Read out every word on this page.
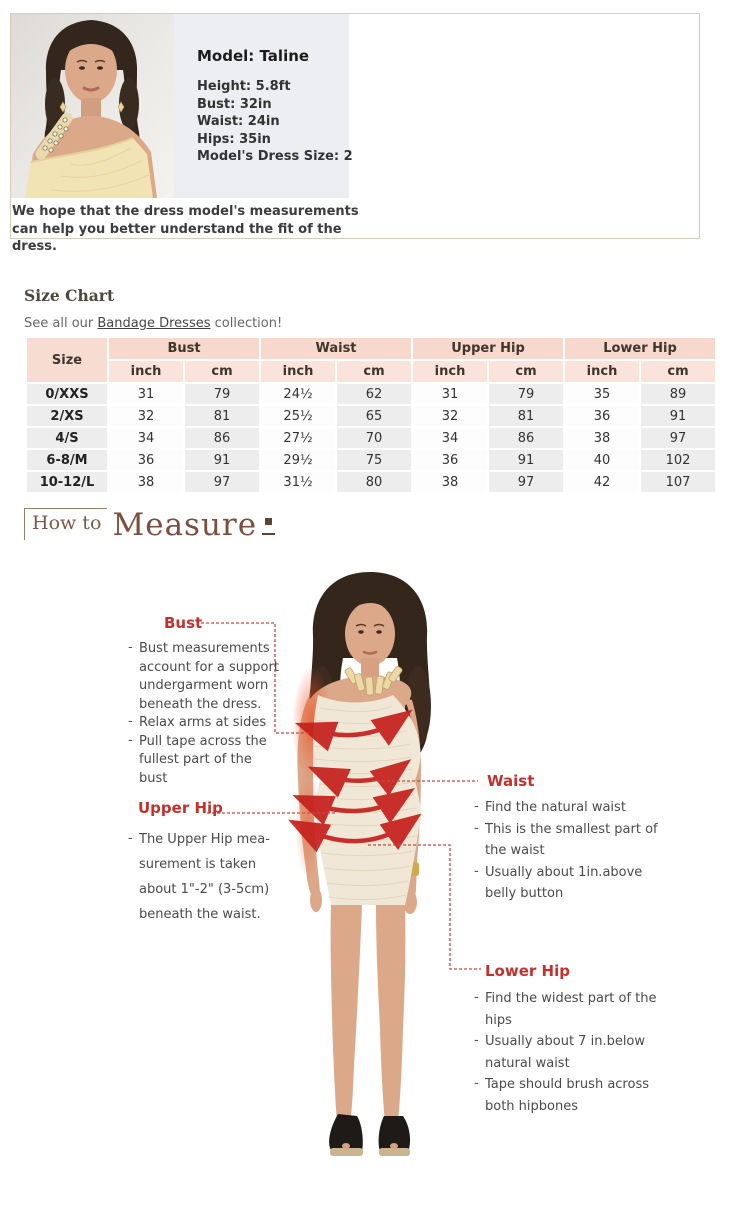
Model: Taline
Height: 5.8ft
Bust: 32in
Waist: 24in
Hips: 35in
Model's Dress Size: 2
We hope that the dress model's measurements can help you better understand the fit of the dress.
Size Chart
See all our Bandage Dresses collection!
Size	Bust		Waist		Upper Hip		Lower Hip	
	inch	cm	inch	cm	inch	cm	inch	cm
0/XXS	31	79	24½	62	31	79	35	89
2/XS	32	81	25½	65	32	81	36	91
4/S	34	86	27½	70	34	86	38	97
6-8/M	36	91	29½	75	36	91	40	102
10-12/L	38	97	31½	80	38	97	42	107
How to Measure
Bust
- Bust measurements account for a support undergarment worn beneath the dress.
- Relax arms at sides
- Pull tape across the fullest part of the bust
Upper Hip
- The Upper Hip mea-surement is taken about 1"-2" (3-5cm) beneath the waist.
Waist
- Find the natural waist
- This is the smallest part of the waist
- Usually about 1in.above belly button
Lower Hip
- Find the widest part of the hips
- Usually about 7 in.below natural waist
- Tape should brush across both hipbones
